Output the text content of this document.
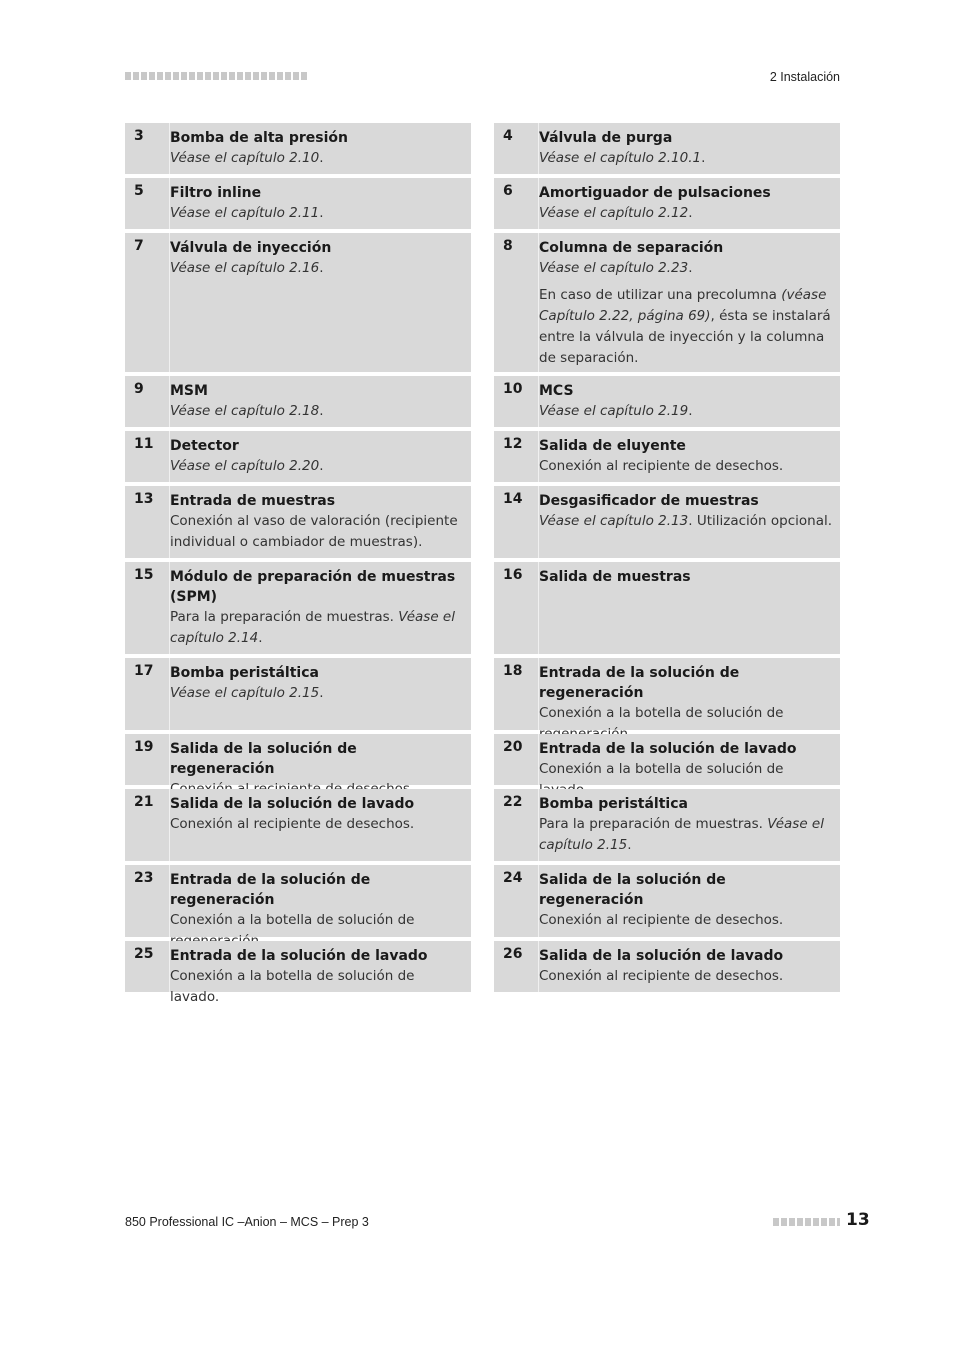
2 Instalación
3 Bomba de alta presión
Véase el capítulo 2.10.
5 Filtro inline
Véase el capítulo 2.11.
7 Válvula de inyección
Véase el capítulo 2.16.
9 MSM
Véase el capítulo 2.18.
11 Detector
Véase el capítulo 2.20.
13 Entrada de muestras
Conexión al vaso de valoración (recipiente individual o cambiador de muestras).
15 Módulo de preparación de muestras (SPM)
Para la preparación de muestras. Véase el capítulo 2.14.
17 Bomba peristáltica
Véase el capítulo 2.15.
19 Salida de la solución de regeneración
21 Salida de la solución de lavado
Conexión al recipiente de desechos.
23 Entrada de la solución de regeneración
Conexión a la botella de solución de
25 Entrada de la solución de lavado
Conexión a la botella de solución de lavado.
4 Válvula de purga
Véase el capítulo 2.10.1.
6 Amortiguador de pulsaciones
Véase el capítulo 2.12.
8 Columna de separación
Véase el capítulo 2.23.
En caso de utilizar una precolumna (véase Capítulo 2.22, página 69), ésta se instalará entre la válvula de inyección y la columna de separación.
10 MCS
Véase el capítulo 2.19.
12 Salida de eluyente
Conexión al recipiente de desechos.
14 Desgasificador de muestras
Véase el capítulo 2.13. Utilización opcional.
16 Salida de muestras
18 Entrada de la solución de regeneración
Conexión a la botella de solución de
20 Entrada de la solución de lavado
Conexión a la botella de solución de
22 Bomba peristáltica
Para la preparación de muestras. Véase el capítulo 2.15.
24 Salida de la solución de regeneración
Conexión al recipiente de desechos.
26 Salida de la solución de lavado
Conexión al recipiente de desechos.
850 Professional IC –Anion – MCS – Prep 3	13
